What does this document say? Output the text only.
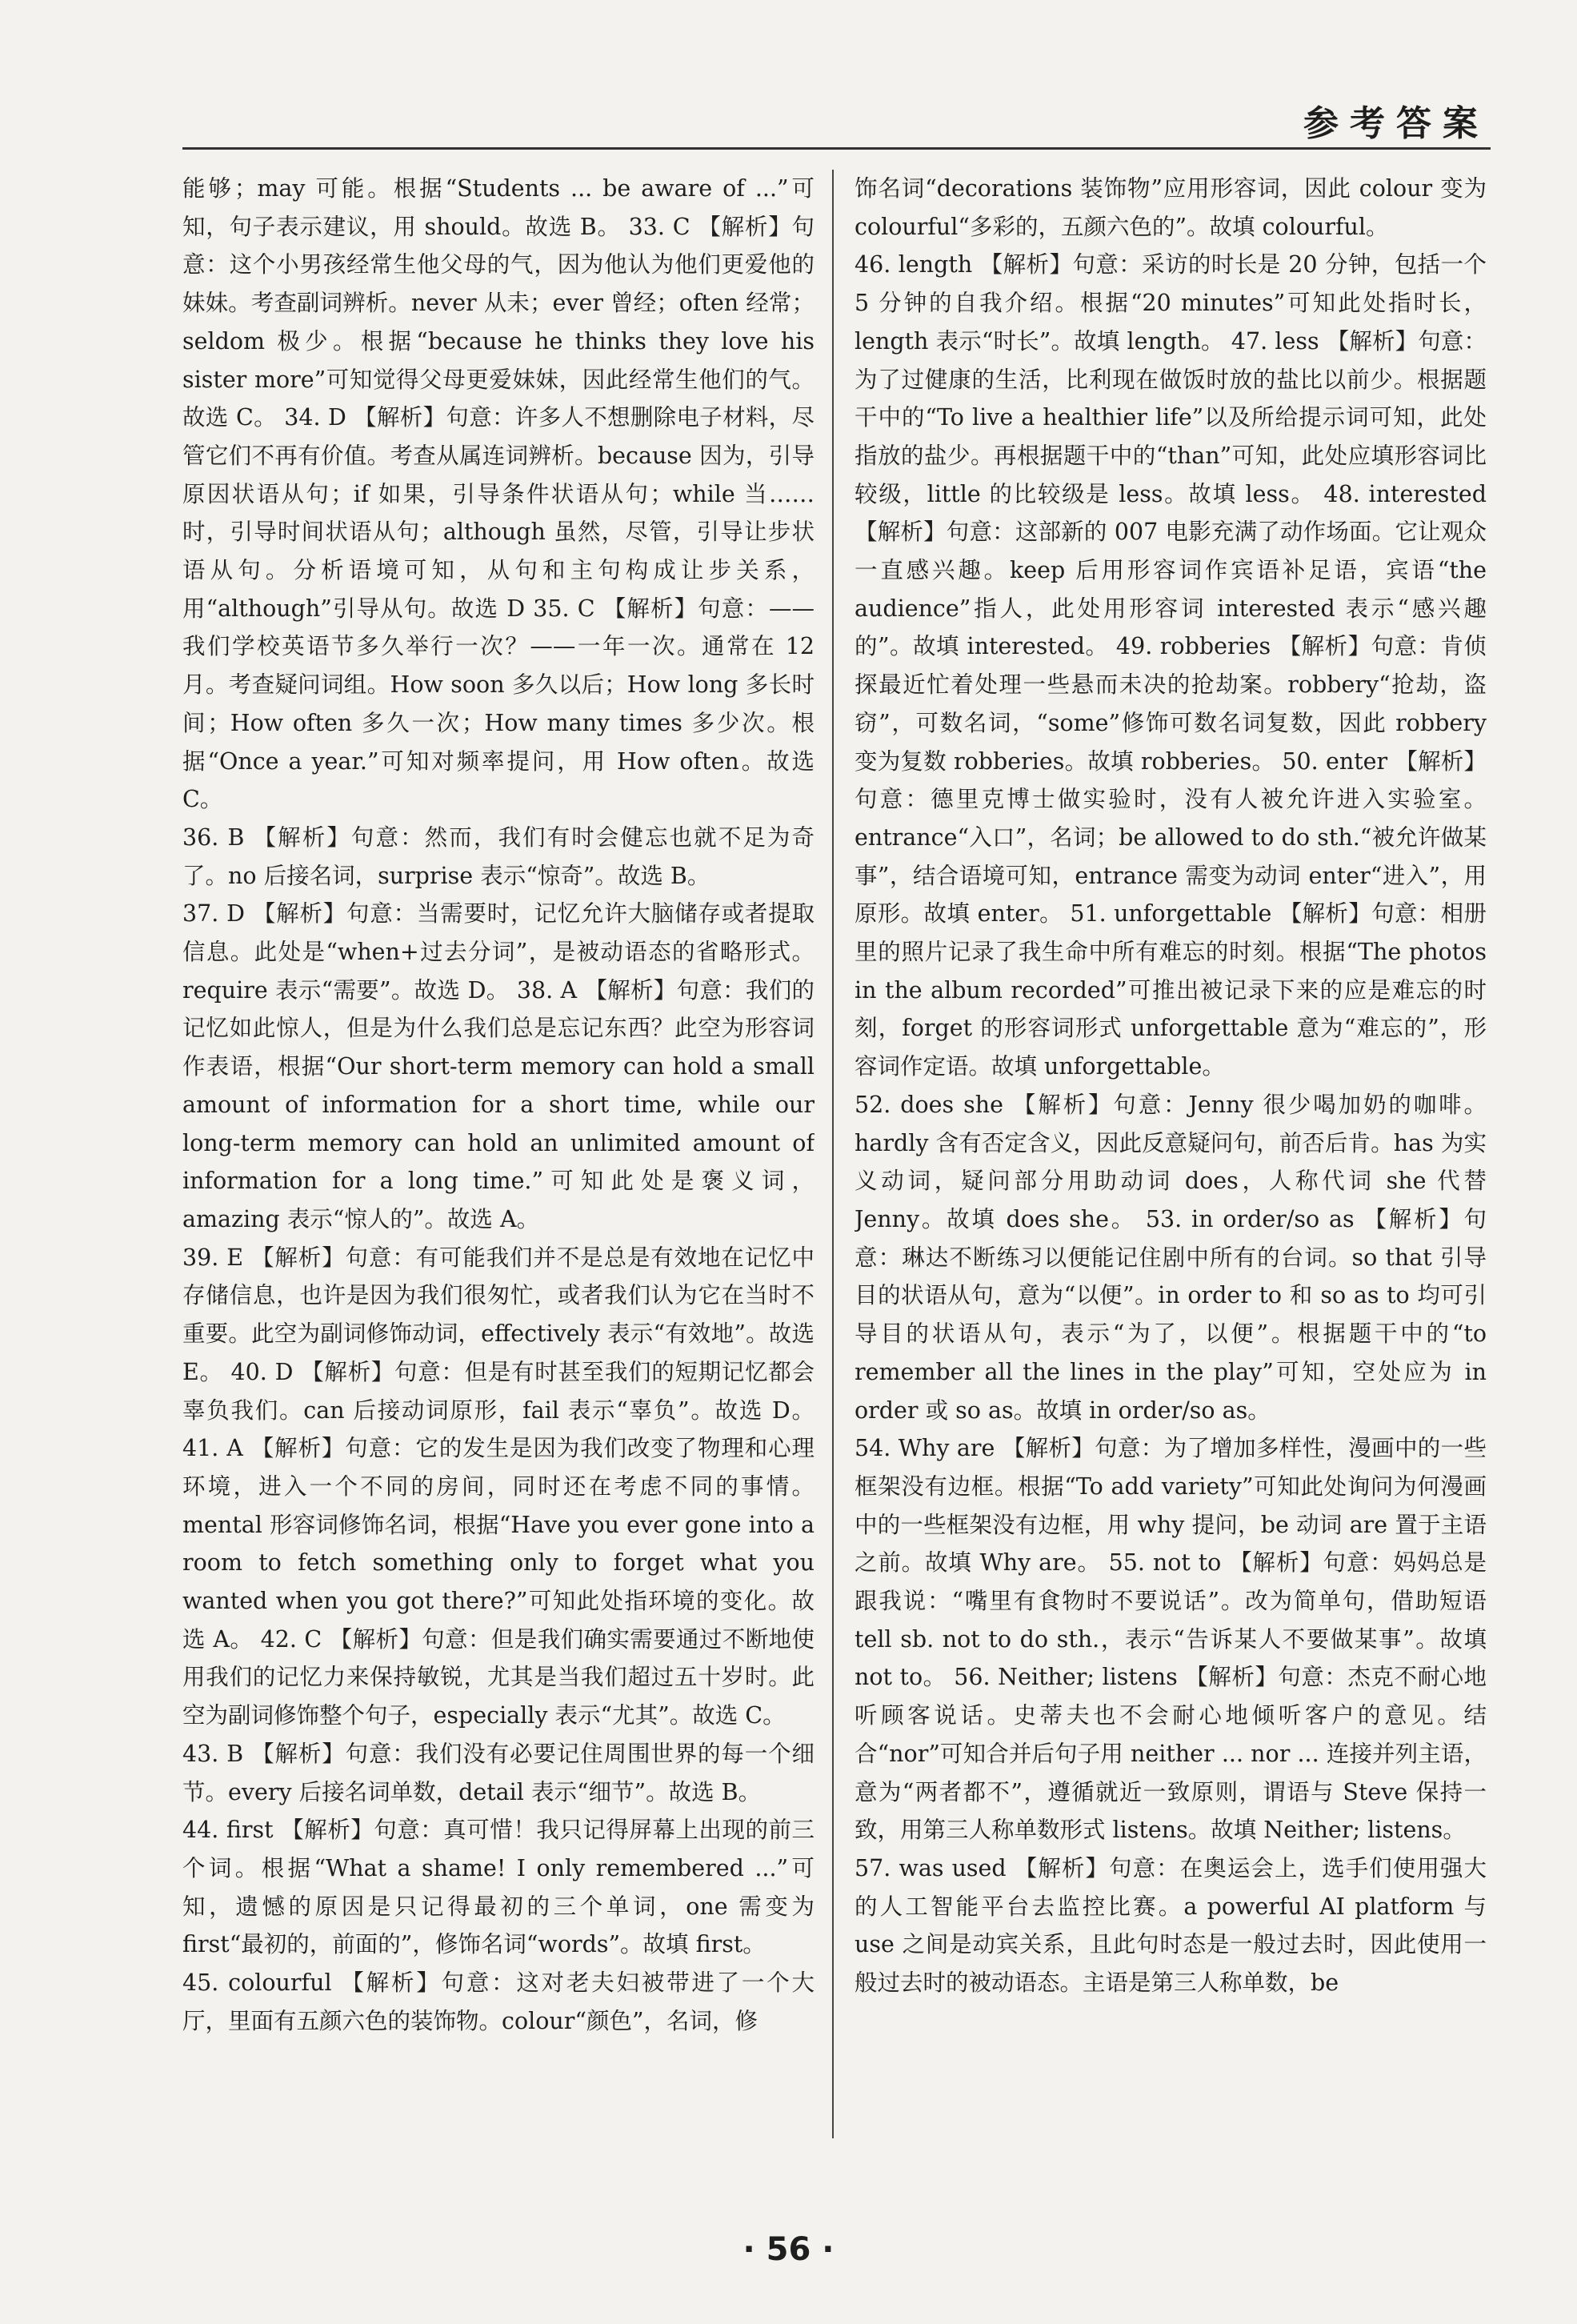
参考答案

能够；may 可能。根据“Students ... be aware of ...”可知，句子表示建议，用 should。故选 B。 33. C 【解析】句意：这个小男孩经常生他父母的气，因为他认为他们更爱他的妹妹。考查副词辨析。never 从未；ever 曾经；often 经常；seldom 极少。根据“because he thinks they love his sister more”可知觉得父母更爱妹妹，因此经常生他们的气。故选 C。 34. D 【解析】句意：许多人不想删除电子材料，尽管它们不再有价值。考查从属连词辨析。because 因为，引导原因状语从句；if 如果，引导条件状语从句；while 当……时，引导时间状语从句；although 虽然，尽管，引导让步状语从句。分析语境可知，从句和主句构成让步关系，用“although”引导从句。故选 D 35. C 【解析】句意：——我们学校英语节多久举行一次？——一年一次。通常在 12 月。考查疑问词组。How soon 多久以后；How long 多长时间；How often 多久一次；How many times 多少次。根据“Once a year.”可知对频率提问，用 How often。故选 C。

36. B 【解析】句意：然而，我们有时会健忘也就不足为奇了。no 后接名词，surprise 表示“惊奇”。故选 B。

37. D 【解析】句意：当需要时，记忆允许大脑储存或者提取信息。此处是“when+过去分词”，是被动语态的省略形式。require 表示“需要”。故选 D。 38. A 【解析】句意：我们的记忆如此惊人，但是为什么我们总是忘记东西？此空为形容词作表语，根据“Our short-term memory can hold a small amount of information for a short time, while our long-term memory can hold an unlimited amount of information for a long time.”可知此处是褒义词，amazing 表示“惊人的”。故选 A。

39. E 【解析】句意：有可能我们并不是总是有效地在记忆中存储信息，也许是因为我们很匆忙，或者我们认为它在当时不重要。此空为副词修饰动词，effectively 表示“有效地”。故选 E。 40. D 【解析】句意：但是有时甚至我们的短期记忆都会辜负我们。can 后接动词原形，fail 表示“辜负”。故选 D。 41. A 【解析】句意：它的发生是因为我们改变了物理和心理环境，进入一个不同的房间，同时还在考虑不同的事情。mental 形容词修饰名词，根据“Have you ever gone into a room to fetch something only to forget what you wanted when you got there?”可知此处指环境的变化。故选 A。 42. C 【解析】句意：但是我们确实需要通过不断地使用我们的记忆力来保持敏锐，尤其是当我们超过五十岁时。此空为副词修饰整个句子，especially 表示“尤其”。故选 C。

43. B 【解析】句意：我们没有必要记住周围世界的每一个细节。every 后接名词单数，detail 表示“细节”。故选 B。

44. first 【解析】句意：真可惜！我只记得屏幕上出现的前三个词。根据“What a shame! I only remembered ...”可知，遗憾的原因是只记得最初的三个单词，one 需变为 first“最初的，前面的”，修饰名词“words”。故填 first。

45. colourful 【解析】句意：这对老夫妇被带进了一个大厅，里面有五颜六色的装饰物。colour“颜色”，名词，修

饰名词“decorations 装饰物”应用形容词，因此 colour 变为 colourful“多彩的，五颜六色的”。故填 colourful。

46. length 【解析】句意：采访的时长是 20 分钟，包括一个 5 分钟的自我介绍。根据“20 minutes”可知此处指时长，length 表示“时长”。故填 length。 47. less 【解析】句意：为了过健康的生活，比利现在做饭时放的盐比以前少。根据题干中的“To live a healthier life”以及所给提示词可知，此处指放的盐少。再根据题干中的“than”可知，此处应填形容词比较级，little 的比较级是 less。故填 less。 48. interested 【解析】句意：这部新的 007 电影充满了动作场面。它让观众一直感兴趣。keep 后用形容词作宾语补足语，宾语“the audience”指人，此处用形容词 interested 表示“感兴趣的”。故填 interested。 49. robberies 【解析】句意：肯侦探最近忙着处理一些悬而未决的抢劫案。robbery“抢劫，盗窃”，可数名词，“some”修饰可数名词复数，因此 robbery 变为复数 robberies。故填 robberies。 50. enter 【解析】句意：德里克博士做实验时，没有人被允许进入实验室。entrance“入口”，名词；be allowed to do sth.“被允许做某事”，结合语境可知，entrance 需变为动词 enter“进入”，用原形。故填 enter。 51. unforgettable 【解析】句意：相册里的照片记录了我生命中所有难忘的时刻。根据“The photos in the album recorded”可推出被记录下来的应是难忘的时刻，forget 的形容词形式 unforgettable 意为“难忘的”，形容词作定语。故填 unforgettable。

52. does she 【解析】句意：Jenny 很少喝加奶的咖啡。hardly 含有否定含义，因此反意疑问句，前否后肯。has 为实义动词，疑问部分用助动词 does，人称代词 she 代替 Jenny。故填 does she。 53. in order/so as 【解析】句意：琳达不断练习以便能记住剧中所有的台词。so that 引导目的状语从句，意为“以便”。in order to 和 so as to 均可引导目的状语从句，表示“为了，以便”。根据题干中的“to remember all the lines in the play”可知，空处应为 in order 或 so as。故填 in order/so as。

54. Why are 【解析】句意：为了增加多样性，漫画中的一些框架没有边框。根据“To add variety”可知此处询问为何漫画中的一些框架没有边框，用 why 提问，be 动词 are 置于主语之前。故填 Why are。 55. not to 【解析】句意：妈妈总是跟我说：“嘴里有食物时不要说话”。改为简单句，借助短语 tell sb. not to do sth.，表示“告诉某人不要做某事”。故填 not to。 56. Neither; listens 【解析】句意：杰克不耐心地听顾客说话。史蒂夫也不会耐心地倾听客户的意见。结合“nor”可知合并后句子用 neither ... nor ... 连接并列主语，意为“两者都不”，遵循就近一致原则，谓语与 Steve 保持一致，用第三人称单数形式 listens。故填 Neither; listens。

57. was used 【解析】句意：在奥运会上，选手们使用强大的人工智能平台去监控比赛。a powerful AI platform 与 use 之间是动宾关系，且此句时态是一般过去时，因此使用一般过去时的被动语态。主语是第三人称单数，be

· 56 ·
